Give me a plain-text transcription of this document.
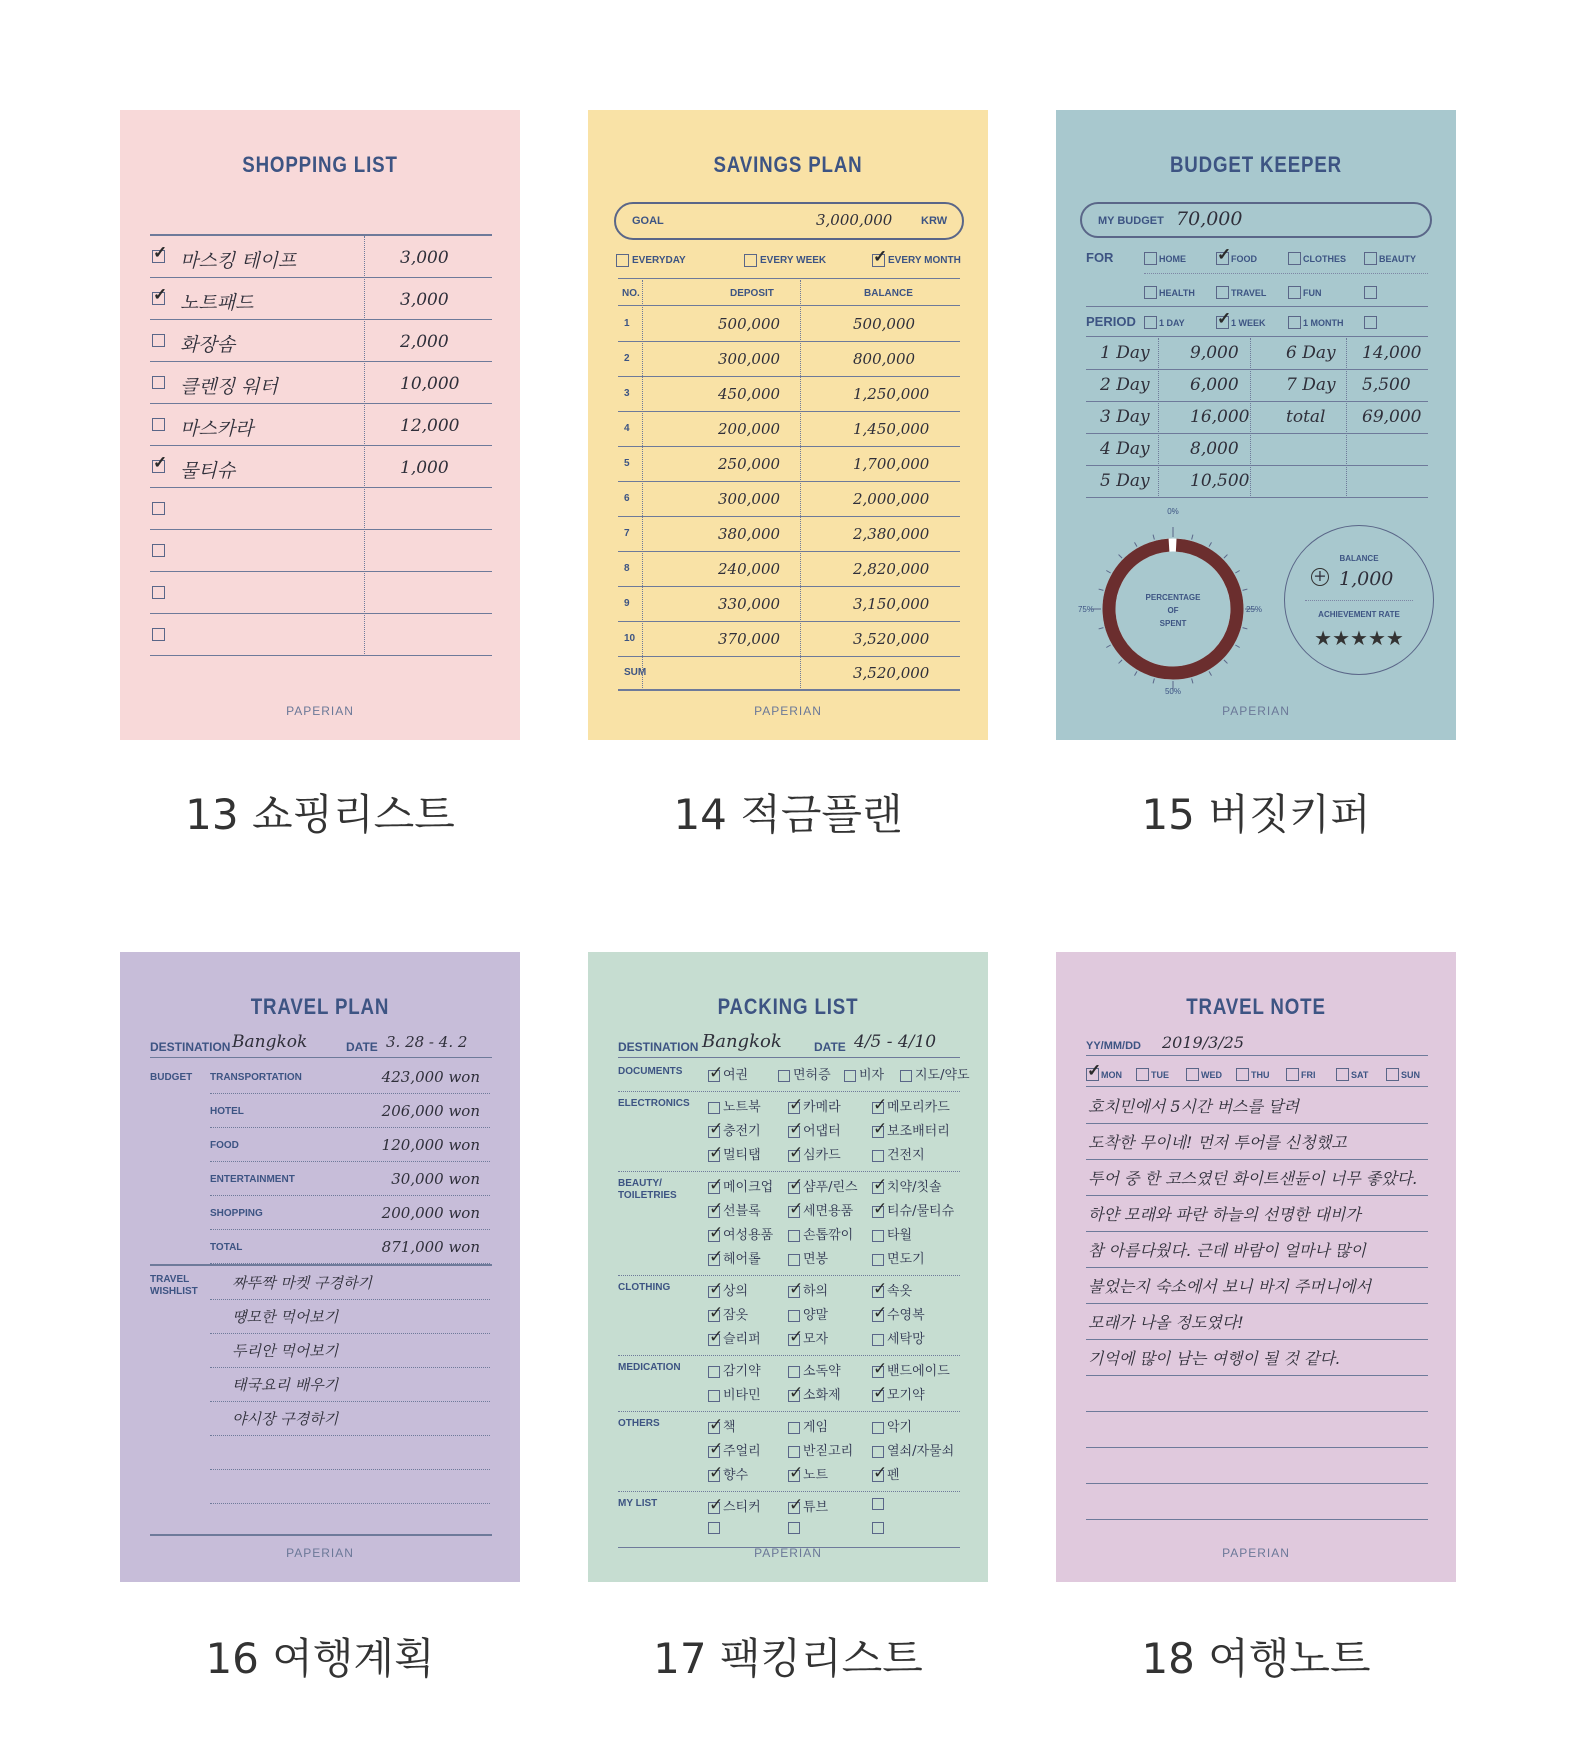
SHOPPING LIST
✓
마스킹 테이프	3,000
✓
노트패드	3,000
화장솜	2,000
클렌징 워터	10,000
마스카라	12,000
✓
물티슈	1,000
PAPERIAN
SAVINGS PLAN
GOAL	3,000,000	KRW
EVERYDAY	EVERY WEEK ✓	EVERY MONTH
NO.	DEPOSIT	BALANCE
1	500,000	500,000
2	300,000	800,000
3	450,000	1,250,000
4	200,000	1,450,000
5	250,000	1,700,000
6	300,000	2,000,000
7	380,000	2,380,000
8	240,000	2,820,000
9	330,000	3,150,000
10	370,000	3,520,000
SUM	3,520,000
PAPERIAN
BUDGET KEEPER
MY BUDGET 70,000
FOR	HOME ✓	FOOD	CLOTHES	BEAUTY
HEALTH	TRAVEL	FUN
PERIOD	1 DAY ✓	1 WEEK	1 MONTH
1 Day 9,000	6 Day 14,000
2 Day 6,000	7 Day 5,500
3 Day 16,000 total 69,000
4 Day 8,000
5 Day 10,500
0%
25%
50%
75%
PERCENTAGE
OF
SPENT
BALANCE
+ 1,000
ACHIEVEMENT RATE
★★★★★
PAPERIAN
TRAVEL PLAN
DESTINATION Bangkok	DATE 3. 28 - 4. 2
BUDGET TRANSPORTATION	423,000 won
HOTEL	206,000 won
FOOD	120,000 won
ENTERTAINMENT	30,000 won
SHOPPING	200,000 won
TOTAL	871,000 won
TRAVEL
WISHLIST 짜뚜짝 마켓 구경하기
떙모한 먹어보기
두리안 먹어보기
태국요리 배우기
야시장 구경하기
PAPERIAN
PACKING LIST
DESTINATION Bangkok	DATE 4/5 - 4/10
DOCUMENTS ✓	여권	면허증	비자	지도/약도
ELECTRONICS	노트북 ✓	카메라 ✓	메모리카드
✓충전기 ✓	어댑터 ✓	보조배터리
✓멀티탭 ✓	심카드	건전지
BEAUTY/
TOILETRIES
✓메이크업 ✓	샴푸/린스 ✓	치약/칫솔
✓선블록 ✓	세면용품 ✓	티슈/물티슈
✓여성용품	손톱깎이	타월
✓헤어롤	면봉	면도기
CLOTHING ✓	상의 ✓	하의 ✓	속옷
✓잠옷	양말 ✓	수영복
✓슬리퍼 ✓	모자	세탁망
MEDICATION	감기약	소독약 ✓	밴드에이드
비타민 ✓	소화제 ✓	모기약
OTHERS ✓	책	게임	악기
✓주얼리	반짇고리	열쇠/자물쇠
✓향수 ✓	노트 ✓	펜
MY LIST ✓	스티커 ✓	튜브
PAPERIAN
TRAVEL NOTE
YY/MM/DD 2019/3/25
✓MON	TUE	WED	THU	FRI	SAT	SUN
호치민에서 5시간 버스를 달려
도착한 무이네! 먼저 투어를 신청했고
투어 중 한 코스였던 화이트샌듄이 너무 좋았다.
하얀 모래와 파란 하늘의 선명한 대비가
참 아름다웠다. 근데 바람이 얼마나 많이
불었는지 숙소에서 보니 바지 주머니에서
모래가 나올 정도였다!
기억에 많이 남는 여행이 될 것 같다.
PAPERIAN
13 쇼핑리스트	14 적금플랜	15 버짓키퍼
16 여행계획	17 팩킹리스트	18 여행노트
